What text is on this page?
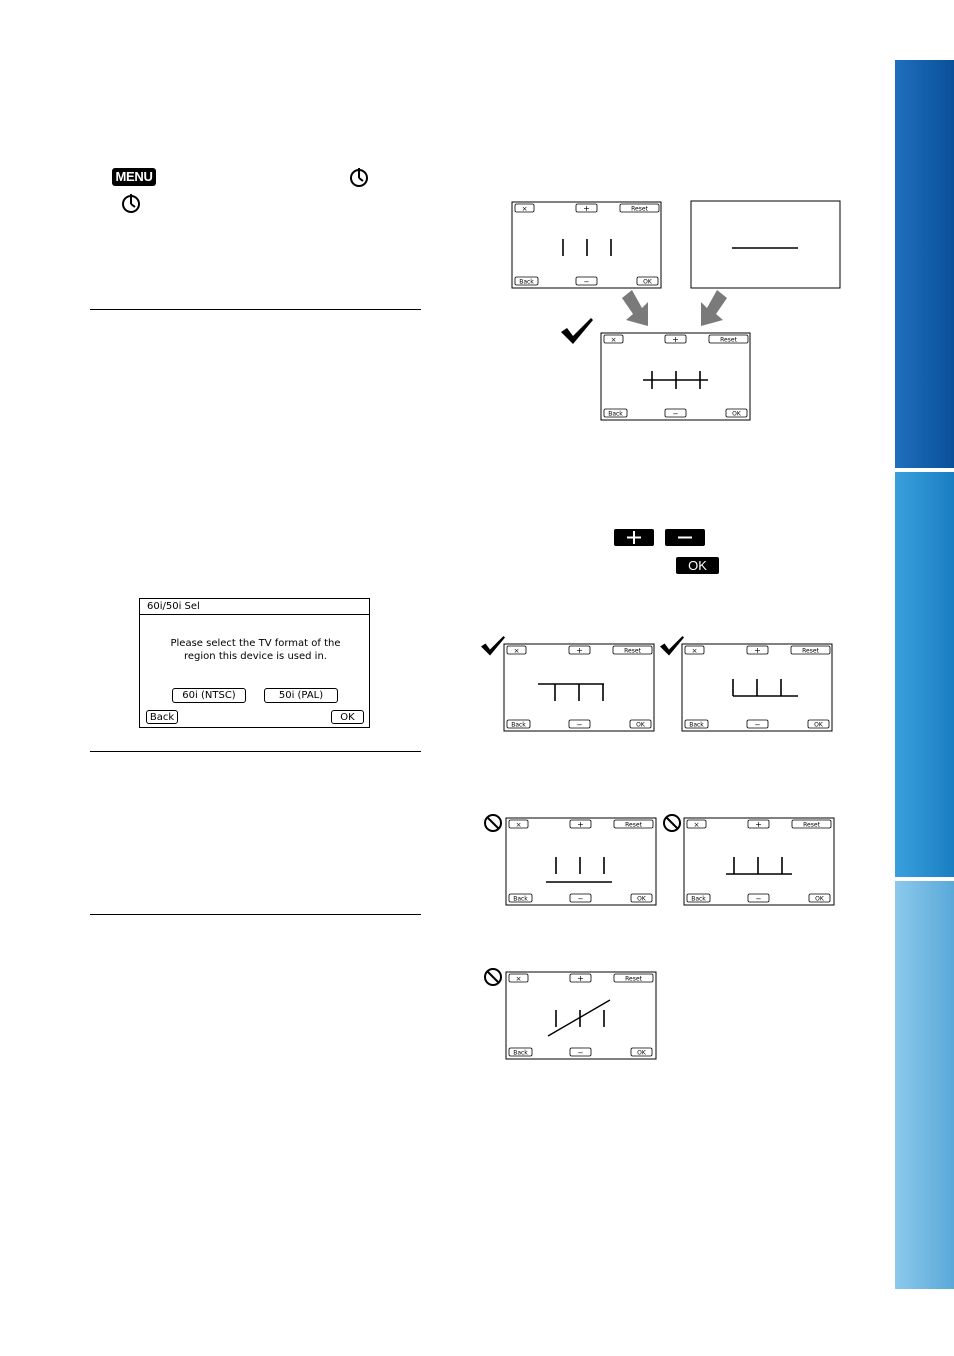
MENU
60i/50i Sel
Please select the TV format of the
region this device is used in.
60i (NTSC)	50i (PAL)
Back	OK
OK
×	+	Reset
Back	−	OK
×	+	Reset
Back	−	OK
×	+	Reset
Back	−	OK
×	+	Reset
Back	−	OK
×	+	Reset
Back	−	OK
×	+	Reset
Back	−	OK
×	+	Reset
Back	−	OK
